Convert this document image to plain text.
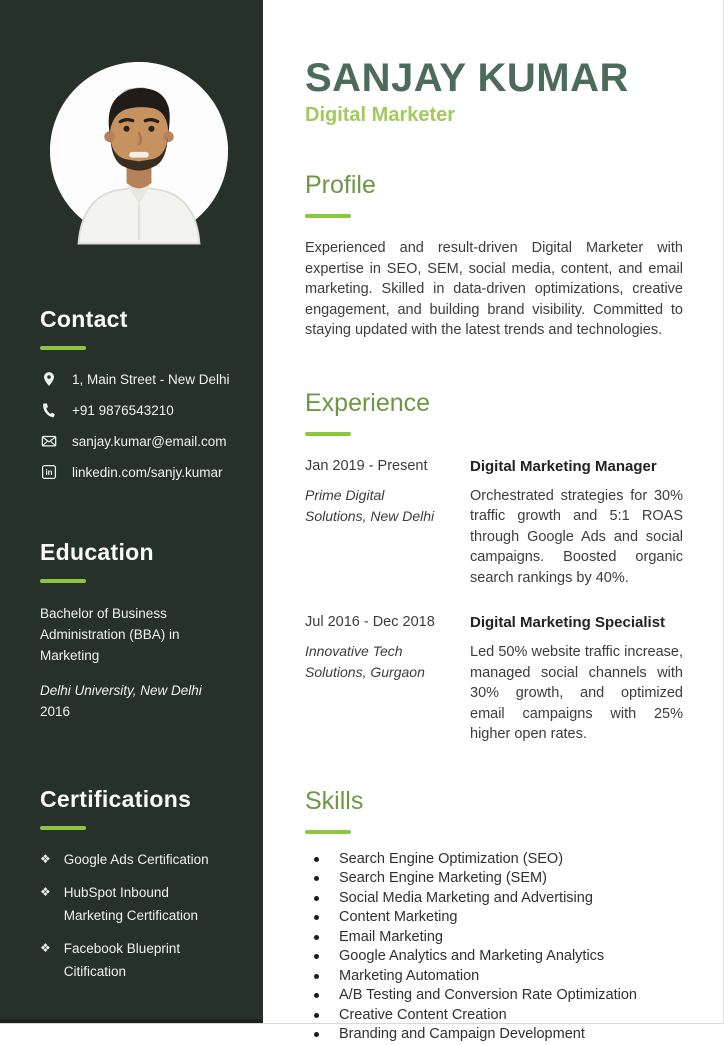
Contact
1, Main Street - New Delhi
+91 9876543210
sanjay.kumar@email.com
in linkedin.com/sanjy.kumar
Education

Bachelor of Business Administration (BBA) in Marketing

Delhi University, New Delhi

2016

Certifications
❖ Google Ads Certification
❖ HubSpot Inbound Marketing Certification
❖ Facebook Blueprint Citification
SANJAY KUMAR
Digital Marketer
Profile

Experienced and result-driven Digital Marketer with expertise in SEO, SEM, social media, content, and email marketing. Skilled in data-driven optimizations, creative engagement, and building brand visibility. Committed to staying updated with the latest trends and technologies.

Experience
Jan 2019 - Present
Prime Digital Solutions, New Delhi
Digital Marketing Manager

Orchestrated strategies for 30% traffic growth and 5:1 ROAS through Google Ads and social campaigns. Boosted organic search rankings by 40%.

Jul 2016 - Dec 2018
Innovative Tech Solutions, Gurgaon
Digital Marketing Specialist

Led 50% website traffic increase, managed social channels with 30% growth, and optimized email campaigns with 25% higher open rates.

Skills
Search Engine Optimization (SEO)
Search Engine Marketing (SEM)
Social Media Marketing and Advertising
Content Marketing
Email Marketing
Google Analytics and Marketing Analytics
Marketing Automation
A/B Testing and Conversion Rate Optimization
Creative Content Creation
Branding and Campaign Development
